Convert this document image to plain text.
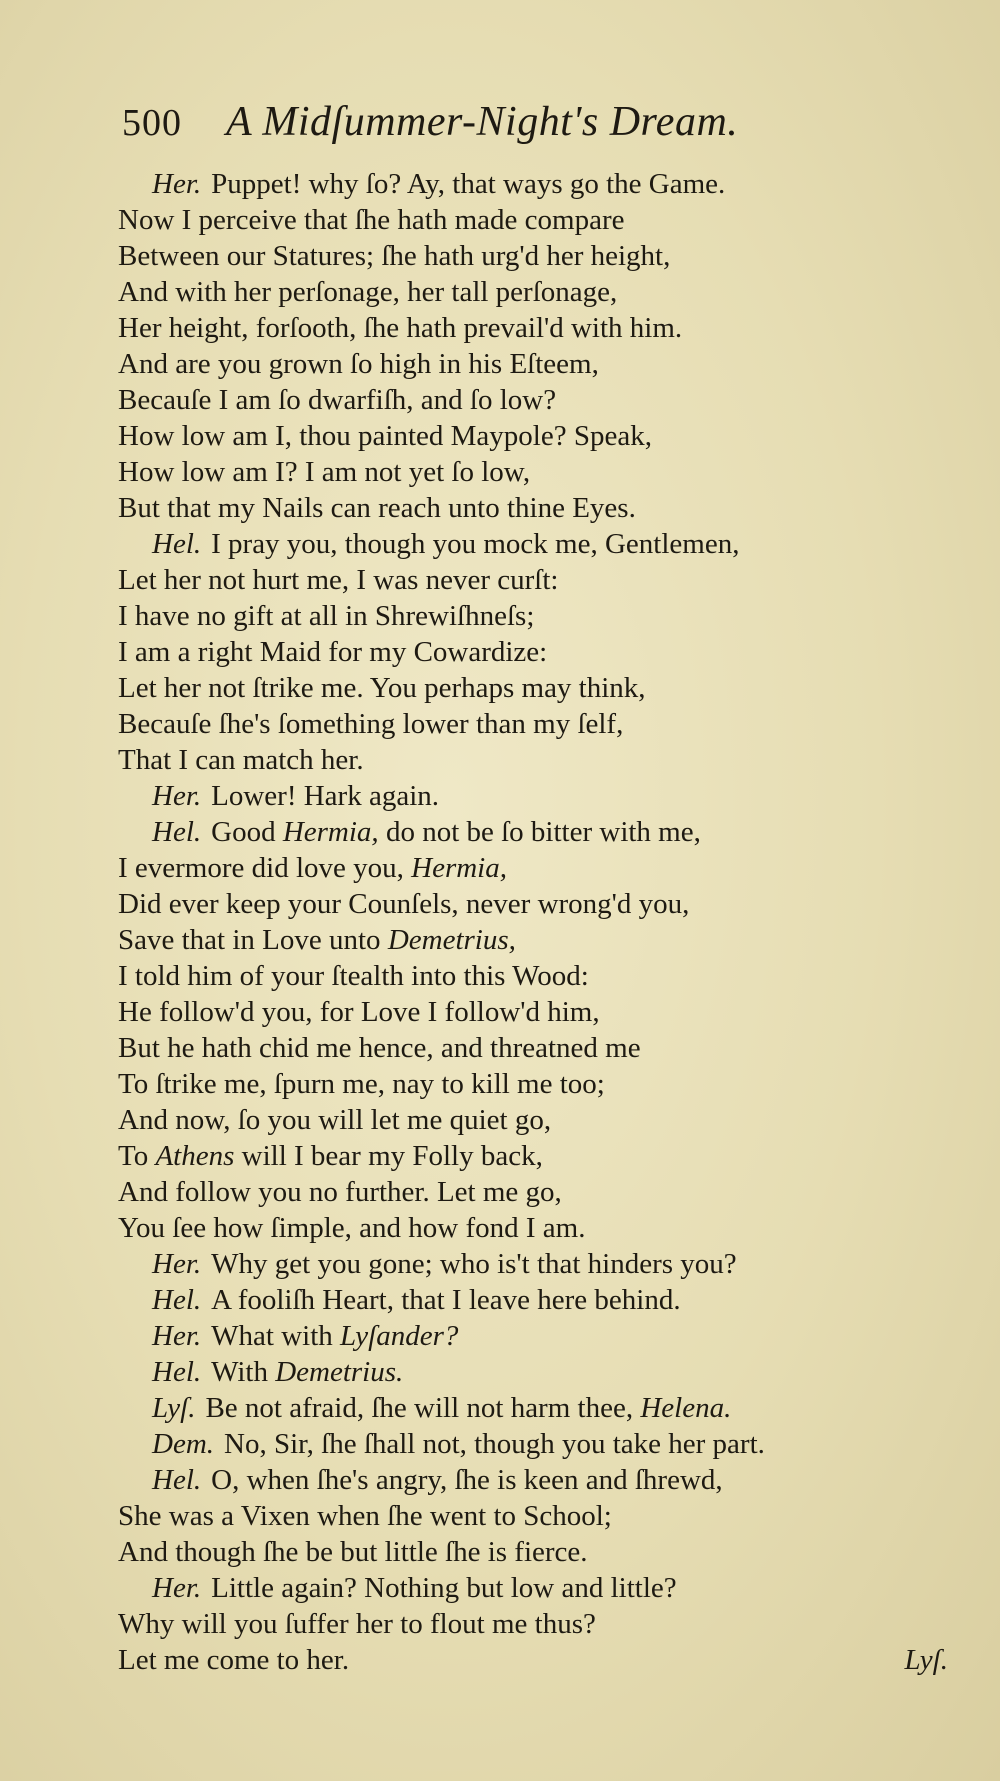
500 A Midſummer-Night's Dream.
Her. Puppet! why ſo? Ay, that ways go the Game.
Now I perceive that ſhe hath made compare
Between our Statures; ſhe hath urg'd her height,
And with her perſonage, her tall perſonage,
Her height, forſooth, ſhe hath prevail'd with him.
And are you grown ſo high in his Eſteem,
Becauſe I am ſo dwarfiſh, and ſo low?
How low am I, thou painted Maypole? Speak,
How low am I? I am not yet ſo low,
But that my Nails can reach unto thine Eyes.
Hel. I pray you, though you mock me, Gentlemen,
Let her not hurt me, I was never curſt:
I have no gift at all in Shrewiſhneſs;
I am a right Maid for my Cowardize:
Let her not ſtrike me. You perhaps may think,
Becauſe ſhe's ſomething lower than my ſelf,
That I can match her.
Her. Lower! Hark again.
Hel. Good Hermia, do not be ſo bitter with me,
I evermore did love you, Hermia,
Did ever keep your Counſels, never wrong'd you,
Save that in Love unto Demetrius,
I told him of your ſtealth into this Wood:
He follow'd you, for Love I follow'd him,
But he hath chid me hence, and threatned me
To ſtrike me, ſpurn me, nay to kill me too;
And now, ſo you will let me quiet go,
To Athens will I bear my Folly back,
And follow you no further. Let me go,
You ſee how ſimple, and how fond I am.
Her. Why get you gone; who is't that hinders you?
Hel. A fooliſh Heart, that I leave here behind.
Her. What with Lyſander?
Hel. With Demetrius.
Lyſ. Be not afraid, ſhe will not harm thee, Helena.
Dem. No, Sir, ſhe ſhall not, though you take her part.
Hel. O, when ſhe's angry, ſhe is keen and ſhrewd,
She was a Vixen when ſhe went to School;
And though ſhe be but little ſhe is fierce.
Her. Little again? Nothing but low and little?
Why will you ſuffer her to flout me thus?
Let me come to her.	Lyſ.
